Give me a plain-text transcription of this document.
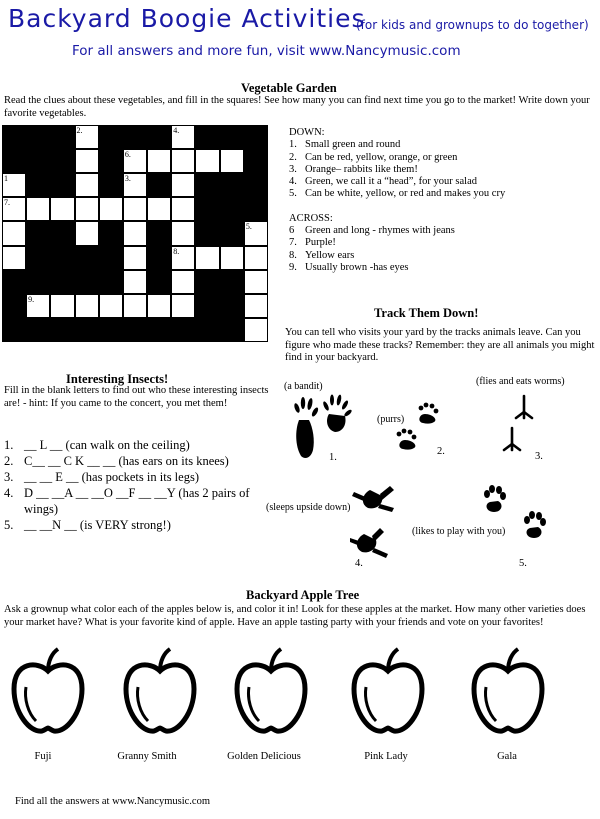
Backyard Boogie Activities
(for kids and grownups to do together)
For all answers and more fun, visit www.Nancymusic.com
Vegetable Garden
Read the clues about these vegetables, and fill in the squares! See how many you can find next time you go to the market! Write down your favorite vegetables.
2.	4.
6.
1	3.
7.
5.
8.
9.
DOWN:
1. Small green and round
2. Can be red, yellow, orange, or green
3. Orange– rabbits like them!
4. Green, we call it a “head”, for your salad
5. Can be white, yellow, or red and makes you cry
ACROSS:
6 Green and long - rhymes with jeans
7. Purple!
8. Yellow ears
9. Usually brown -has eyes
Interesting Insects!
Fill in the blank letters to find out who these interesting insects are! - hint: If you came to the concert, you met them!
1. __ L __ (can walk on the ceiling)
2. C__ __ C K __ __ (has ears on its knees)
3. __ __ E __ (has pockets in its legs)
4. D __ __A __ __O __F __ __Y (has 2 pairs of wings)
5. __ __N __ (is VERY strong!)
Track Them Down!
You can tell who visits your yard by the tracks animals leave. Can you figure who made these tracks? Remember: they are all animals you might find in your backyard.
(a bandit)
(purrs)
(flies and eats worms)
(sleeps upside down)
(likes to play with you)
1.
2.	3.
4.	5.
Backyard Apple Tree
Ask a grownup what color each of the apples below is, and color it in! Look for these apples at the market. How many other varieties does your market have? What is your favorite kind of apple. Have an apple tasting party with your friends and vote on your favorites!
Fuji	Granny Smith	Golden Delicious	Pink Lady	Gala
Find all the answers at www.Nancymusic.com
